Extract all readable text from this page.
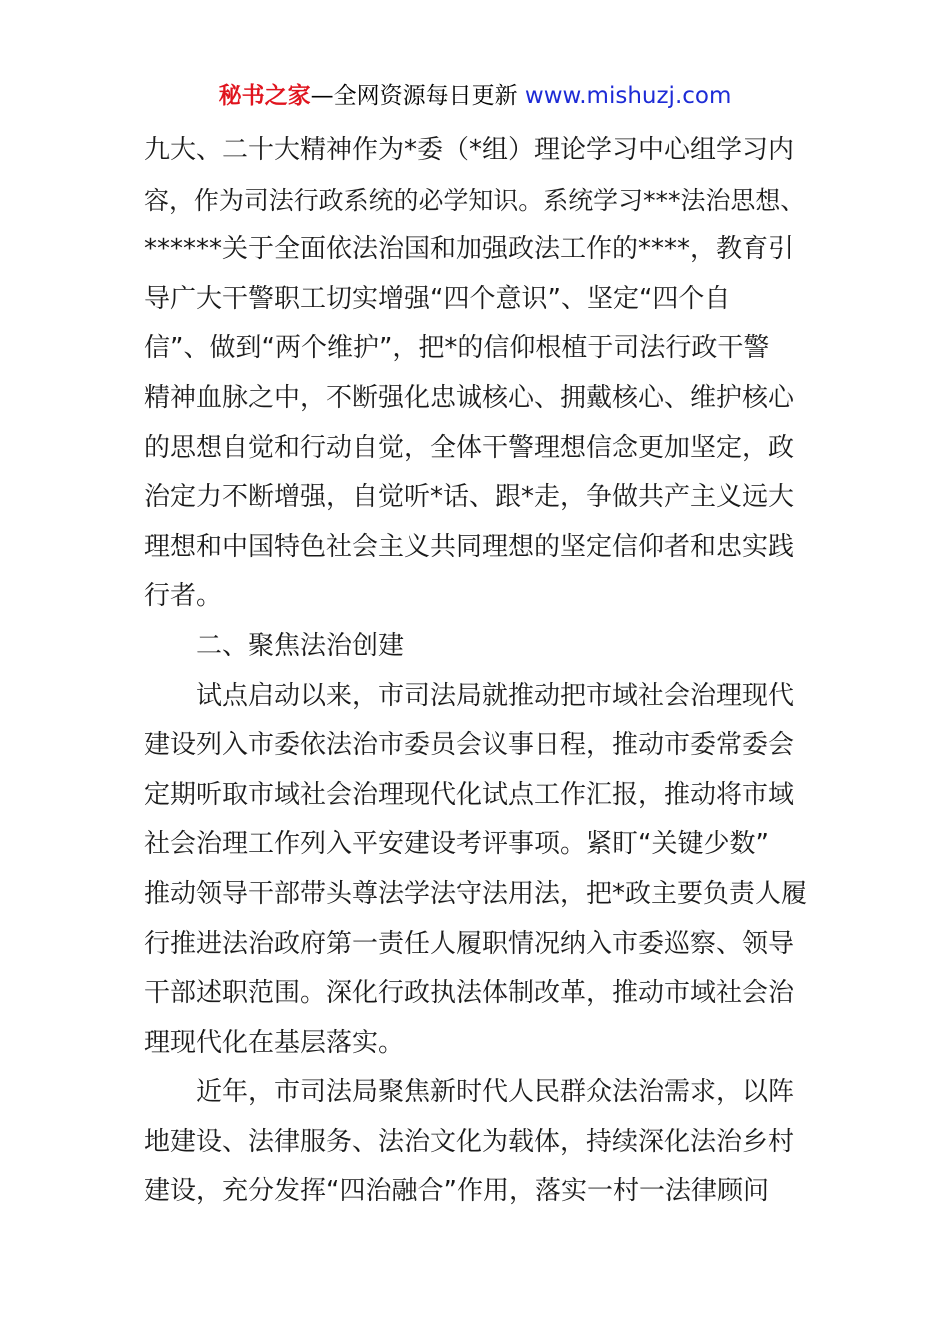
秘书之家—全网资源每日更新 www.mishuzj.com
九大、二十大精神作为*委（*组）理论学习中心组学习内
容，作为司法行政系统的必学知识。系统学习***法治思想、
******关于全面依法治国和加强政法工作的****，教育引
导广大干警职工切实增强“四个意识”、坚定“四个自
信”、做到“两个维护”，把*的信仰根植于司法行政干警
精神血脉之中，不断强化忠诚核心、拥戴核心、维护核心
的思想自觉和行动自觉，全体干警理想信念更加坚定，政
治定力不断增强，自觉听*话、跟*走，争做共产主义远大
理想和中国特色社会主义共同理想的坚定信仰者和忠实践
行者。
二、聚焦法治创建
试点启动以来，市司法局就推动把市域社会治理现代
建设列入市委依法治市委员会议事日程，推动市委常委会
定期听取市域社会治理现代化试点工作汇报，推动将市域
社会治理工作列入平安建设考评事项。紧盯“关键少数”
推动领导干部带头尊法学法守法用法，把*政主要负责人履
行推进法治政府第一责任人履职情况纳入市委巡察、领导
干部述职范围。深化行政执法体制改革，推动市域社会治
理现代化在基层落实。
近年，市司法局聚焦新时代人民群众法治需求，以阵
地建设、法律服务、法治文化为载体，持续深化法治乡村
建设，充分发挥“四治融合”作用，落实一村一法律顾问
